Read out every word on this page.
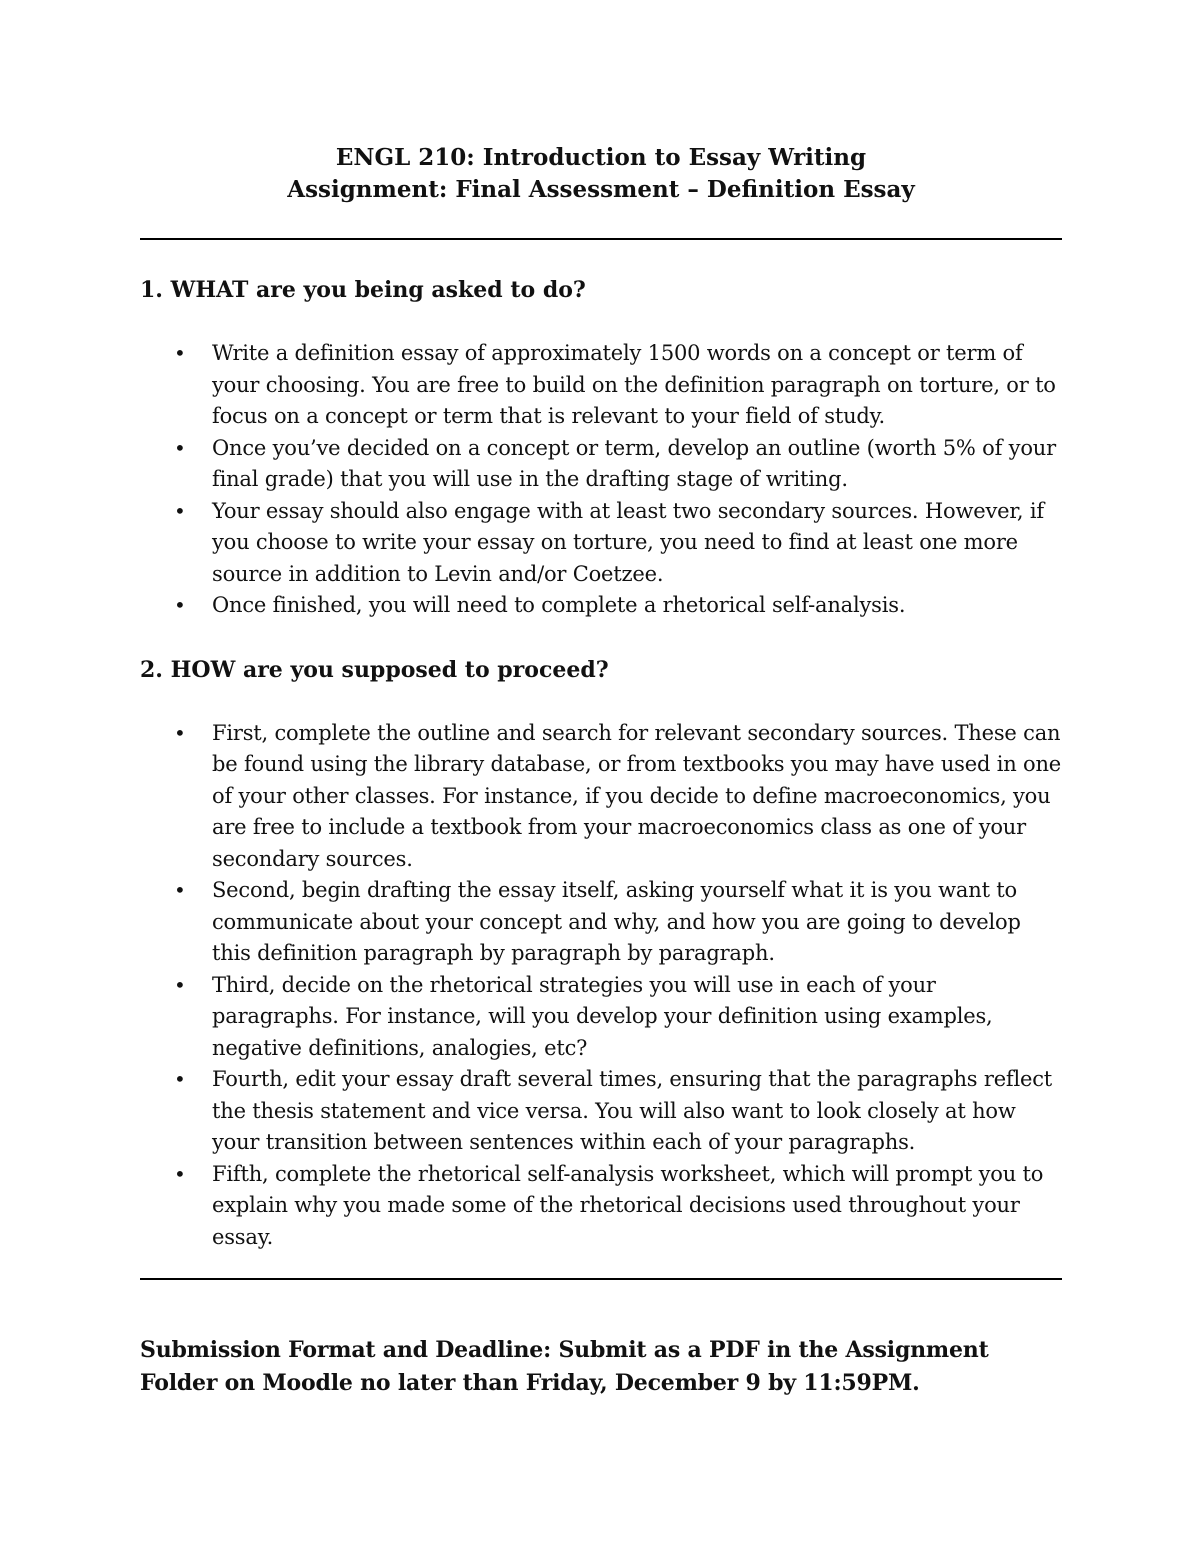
ENGL 210: Introduction to Essay Writing
Assignment: Final Assessment – Definition Essay
1. WHAT are you being asked to do?
• Write a definition essay of approximately 1500 words on a concept or term of your choosing. You are free to build on the definition paragraph on torture, or to focus on a concept or term that is relevant to your field of study.
• Once you’ve decided on a concept or term, develop an outline (worth 5% of your final grade) that you will use in the drafting stage of writing.
• Your essay should also engage with at least two secondary sources. However, if you choose to write your essay on torture, you need to find at least one more source in addition to Levin and/or Coetzee.
• Once finished, you will need to complete a rhetorical self-analysis.
2. HOW are you supposed to proceed?
• First, complete the outline and search for relevant secondary sources. These can be found using the library database, or from textbooks you may have used in one of your other classes. For instance, if you decide to define macroeconomics, you are free to include a textbook from your macroeconomics class as one of your secondary sources.
• Second, begin drafting the essay itself, asking yourself what it is you want to communicate about your concept and why, and how you are going to develop this definition paragraph by paragraph by paragraph.
• Third, decide on the rhetorical strategies you will use in each of your paragraphs. For instance, will you develop your definition using examples, negative definitions, analogies, etc?
• Fourth, edit your essay draft several times, ensuring that the paragraphs reflect the thesis statement and vice versa. You will also want to look closely at how your transition between sentences within each of your paragraphs.
• Fifth, complete the rhetorical self-analysis worksheet, which will prompt you to explain why you made some of the rhetorical decisions used throughout your essay.
Submission Format and Deadline: Submit as a PDF in the Assignment Folder on Moodle no later than Friday, December 9 by 11:59PM.
